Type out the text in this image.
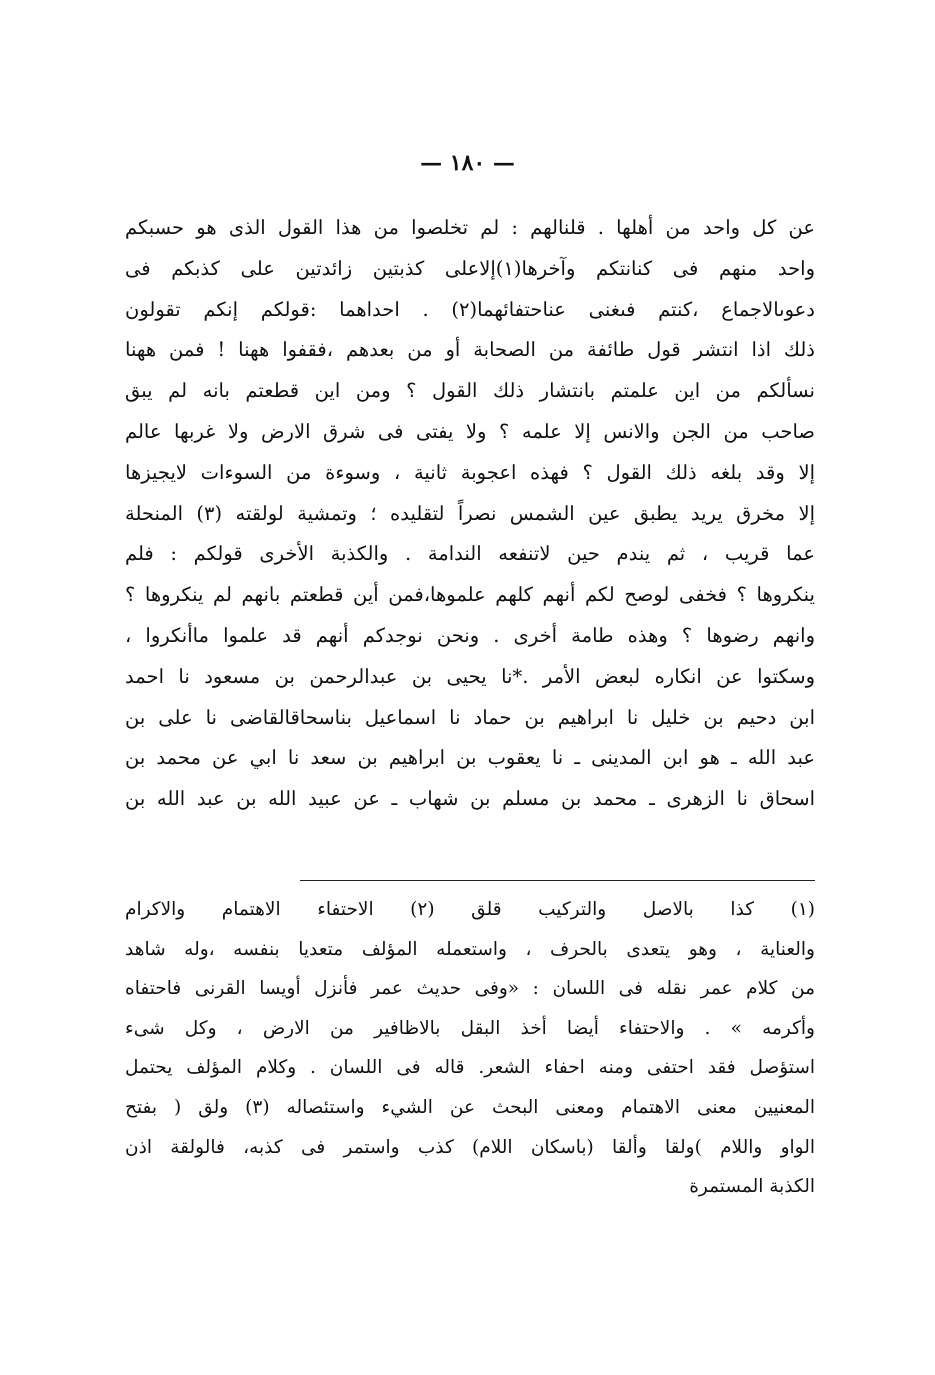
— ١٨٠ —
عن كل واحد من أهلها . قلنالهم : لم تخلصوا من هذا القول الذى هو حسبكم
واحد منهم فى كنانتكم وآخرها(١)إلاعلى كذبتين زائدتين على كذبكم فى
دعوىالاجماع ،كنتم فىغنى عناحتفائهما(٢) . احداهما :قولكم إنكم تقولون
ذلك اذا انتشر قول طائفة من الصحابة أو من بعدهم ،فقفوا ههنا ! فمن ههنا
نسألكم من اين علمتم بانتشار ذلك القول ؟ ومن اين قطعتم بانه لم يبق
صاحب من الجن والانس إلا علمه ؟ ولا يفتى فى شرق الارض ولا غربها عالم
إلا وقد بلغه ذلك القول ؟ فهذه اعجوبة ثانية ، وسوءة من السوءات لايجيزها
إلا مخرق يريد يطبق عين الشمس نصراً لتقليده ؛ وتمشية لولقته (٣) المنحلة
عما قريب ، ثم يندم حين لاتنفعه الندامة . والكذبة الأخرى قولكم : فلم
ينكروها ؟ فخفى لوصح لكم أنهم كلهم علموها،فمن أين قطعتم بانهم لم ينكروها ؟
وانهم رضوها ؟ وهذه طامة أخرى . ونحن نوجدكم أنهم قد علموا ماأنكروا ،
وسكتوا عن انكاره لبعض الأمر .*نا يحيى بن عبدالرحمن بن مسعود نا احمد
ابن دحيم بن خليل نا ابراهيم بن حماد نا اسماعيل بناسحاقالقاضى نا على بن
عبد الله ـ هو ابن المدينى ـ نا يعقوب بن ابراهيم بن سعد نا ابي عن محمد بن
اسحاق نا الزهرى ـ محمد بن مسلم بن شهاب ـ عن عبيد الله بن عبد الله بن
(١) كذا بالاصل والتركيب قلق (٢) الاحتفاء الاهتمام والاكرام
والعناية ، وهو يتعدى بالحرف ، واستعمله المؤلف متعديا بنفسه ،وله شاهد
من كلام عمر نقله فى اللسان : «وفى حديث عمر فأنزل أويسا القرنى فاحتفاه
وأكرمه » . والاحتفاء أيضا أخذ البقل بالاظافير من الارض ، وكل شىء
استؤصل فقد احتفى ومنه احفاء الشعر. قاله فى اللسان . وكلام المؤلف يحتمل
المعنيين معنى الاهتمام ومعنى البحث عن الشيء واستئصاله (٣) ولق ( بفتح
الواو واللام )ولقا وألقا (باسكان اللام) كذب واستمر فى كذبه، فالولقة اذن
الكذبة المستمرة
